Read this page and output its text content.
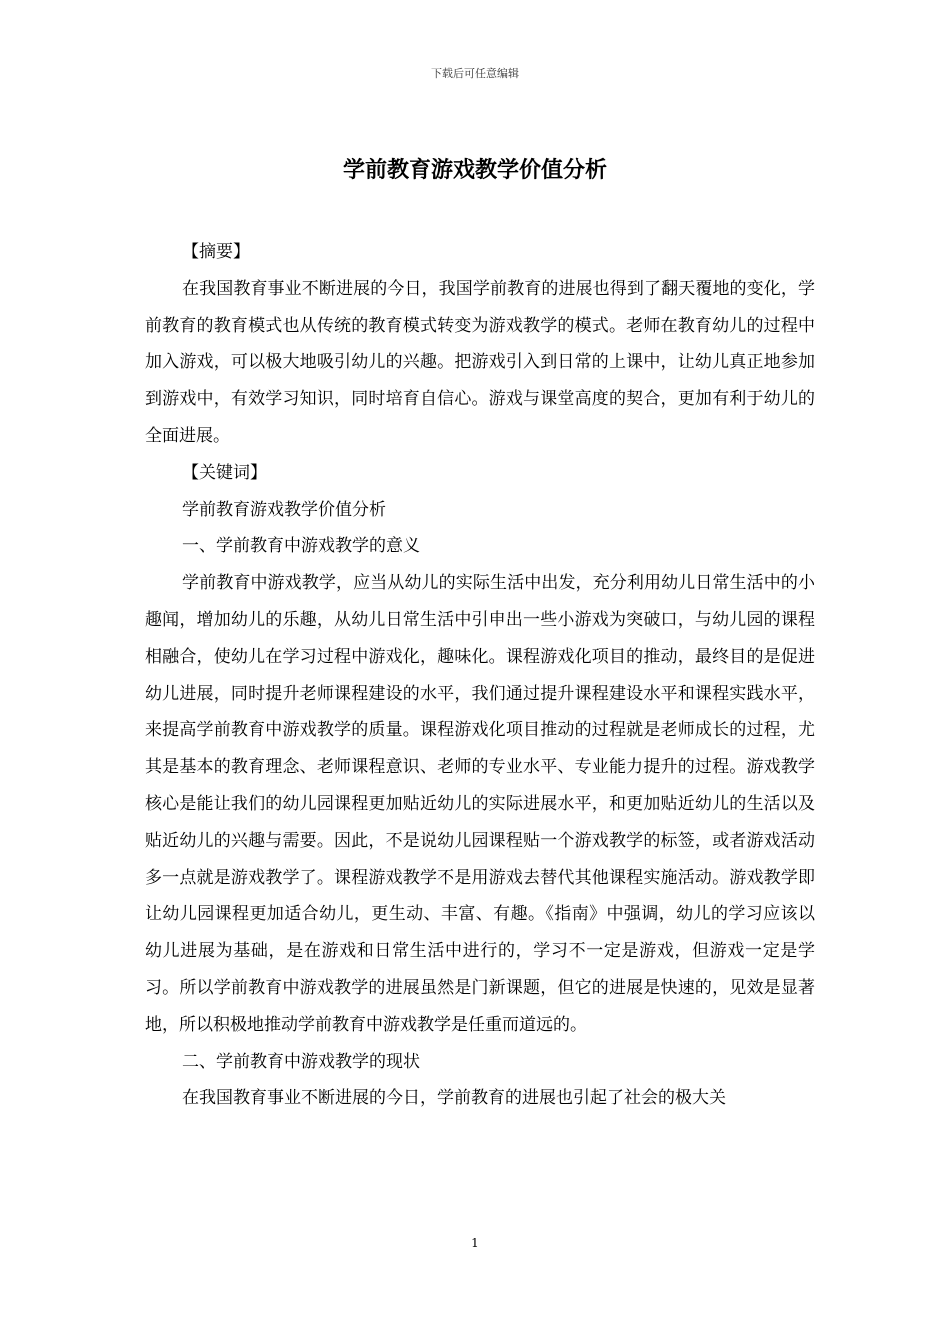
下载后可任意编辑
学前教育游戏教学价值分析

【摘要】

在我国教育事业不断进展的今日，我国学前教育的进展也得到了翻天覆地的变化，学前教育的教育模式也从传统的教育模式转变为游戏教学的模式。老师在教育幼儿的过程中加入游戏，可以极大地吸引幼儿的兴趣。把游戏引入到日常的上课中，让幼儿真正地参加到游戏中，有效学习知识，同时培育自信心。游戏与课堂高度的契合，更加有利于幼儿的全面进展。

【关键词】

学前教育游戏教学价值分析

一、学前教育中游戏教学的意义

学前教育中游戏教学，应当从幼儿的实际生活中出发，充分利用幼儿日常生活中的小趣闻，增加幼儿的乐趣，从幼儿日常生活中引申出一些小游戏为突破口，与幼儿园的课程相融合，使幼儿在学习过程中游戏化，趣味化。课程游戏化项目的推动，最终目的是促进幼儿进展，同时提升老师课程建设的水平，我们通过提升课程建设水平和课程实践水平，来提高学前教育中游戏教学的质量。课程游戏化项目推动的过程就是老师成长的过程，尤其是基本的教育理念、老师课程意识、老师的专业水平、专业能力提升的过程。游戏教学核心是能让我们的幼儿园课程更加贴近幼儿的实际进展水平，和更加贴近幼儿的生活以及贴近幼儿的兴趣与需要。因此，不是说幼儿园课程贴一个游戏教学的标签，或者游戏活动多一点就是游戏教学了。课程游戏教学不是用游戏去替代其他课程实施活动。游戏教学即让幼儿园课程更加适合幼儿，更生动、丰富、有趣。《指南》中强调，幼儿的学习应该以幼儿进展为基础，是在游戏和日常生活中进行的，学习不一定是游戏，但游戏一定是学习。所以学前教育中游戏教学的进展虽然是门新课题，但它的进展是快速的，见效是显著地，所以积极地推动学前教育中游戏教学是任重而道远的。

二、学前教育中游戏教学的现状

在我国教育事业不断进展的今日，学前教育的进展也引起了社会的极大关

1
